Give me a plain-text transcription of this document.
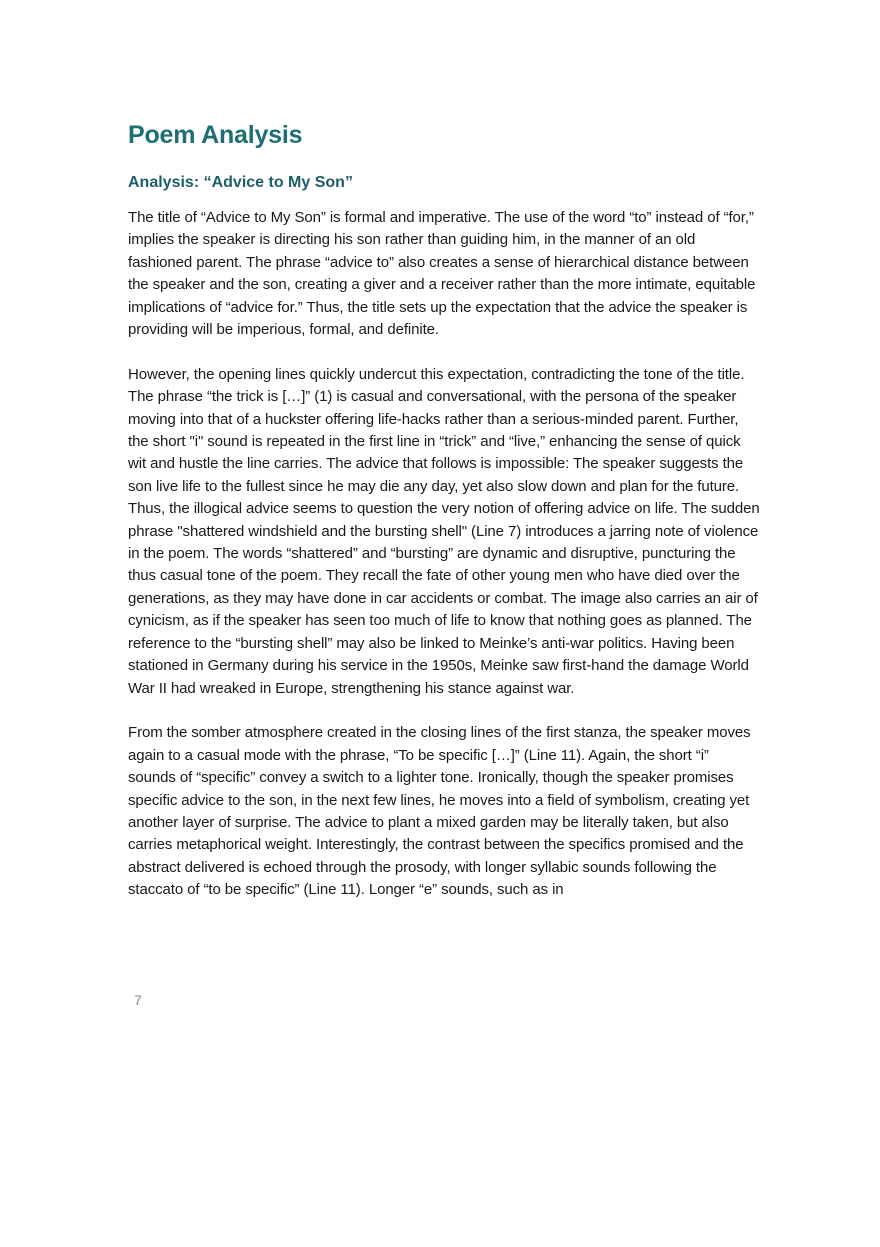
Poem Analysis
Analysis: “Advice to My Son”

The title of “Advice to My Son” is formal and imperative. The use of the word “to” instead of “for,” implies the speaker is directing his son rather than guiding him, in the manner of an old fashioned parent. The phrase “advice to” also creates a sense of hierarchical distance between the speaker and the son, creating a giver and a receiver rather than the more intimate, equitable implications of “advice for.” Thus, the title sets up the expectation that the advice the speaker is providing will be imperious, formal, and definite.

However, the opening lines quickly undercut this expectation, contradicting the tone of the title. The phrase “the trick is […]” (1) is casual and conversational, with the persona of the speaker moving into that of a huckster offering life-hacks rather than a serious-minded parent. Further, the short "i" sound is repeated in the first line in “trick” and “live,” enhancing the sense of quick wit and hustle the line carries. The advice that follows is impossible: The speaker suggests the son live life to the fullest since he may die any day, yet also slow down and plan for the future. Thus, the illogical advice seems to question the very notion of offering advice on life. The sudden phrase "shattered windshield and the bursting shell" (Line 7) introduces a jarring note of violence in the poem. The words “shattered” and “bursting” are dynamic and disruptive, puncturing the thus casual tone of the poem. They recall the fate of other young men who have died over the generations, as they may have done in car accidents or combat. The image also carries an air of cynicism, as if the speaker has seen too much of life to know that nothing goes as planned. The reference to the “bursting shell” may also be linked to Meinke’s anti-war politics. Having been stationed in Germany during his service in the 1950s, Meinke saw first-hand the damage World War II had wreaked in Europe, strengthening his stance against war.

From the somber atmosphere created in the closing lines of the first stanza, the speaker moves again to a casual mode with the phrase, “To be specific […]” (Line 11). Again, the short “i” sounds of “specific” convey a switch to a lighter tone. Ironically, though the speaker promises specific advice to the son, in the next few lines, he moves into a field of symbolism, creating yet another layer of surprise. The advice to plant a mixed garden may be literally taken, but also carries metaphorical weight. Interestingly, the contrast between the specifics promised and the abstract delivered is echoed through the prosody, with longer syllabic sounds following the staccato of “to be specific” (Line 11). Longer “e” sounds, such as in

7
